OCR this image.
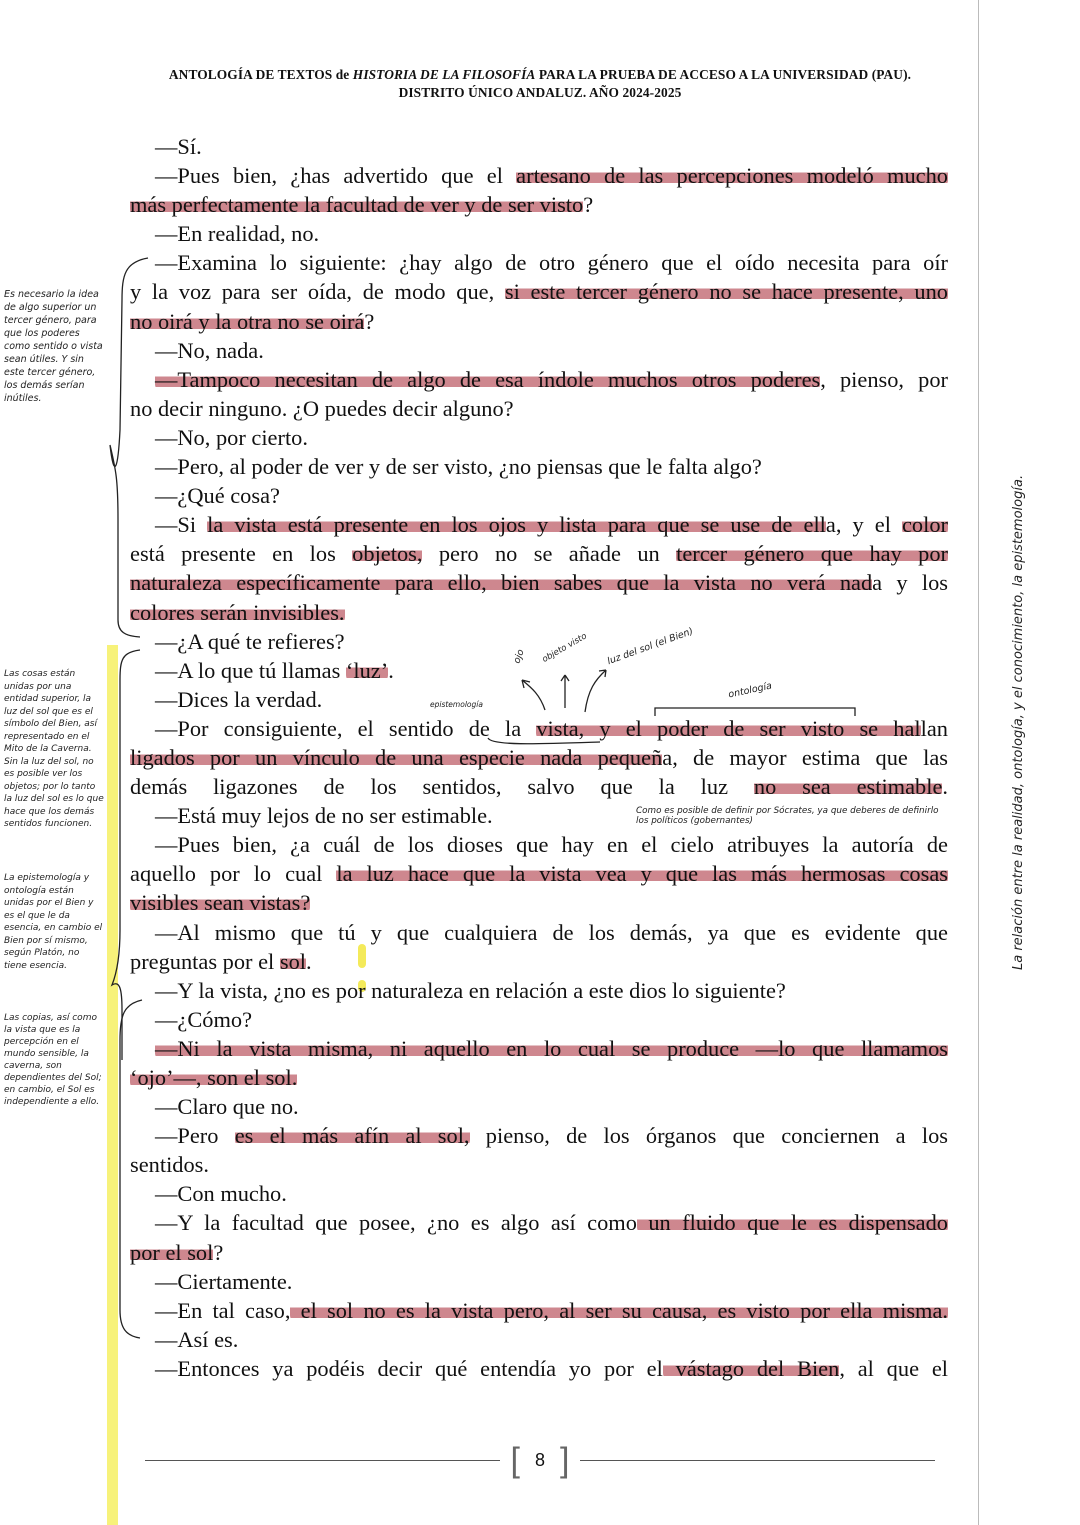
ANTOLOGÍA DE TEXTOS de HISTORIA DE LA FILOSOFÍA PARA LA PRUEBA DE ACCESO A LA UNIVERSIDAD (PAU).
DISTRITO ÚNICO ANDALUZ. AÑO 2024-2025
—Sí.
—Pues bien, ¿has advertido que el artesano de las percepciones modeló mucho
más perfectamente la facultad de ver y de ser visto?
—En realidad, no.
—Examina lo siguiente: ¿hay algo de otro género que el oído necesita para oír
y la voz para ser oída, de modo que, si este tercer género no se hace presente, uno
no oirá y la otra no se oirá?
—No, nada.
—Tampoco necesitan de algo de esa índole muchos otros poderes, pienso, por
no decir ninguno. ¿O puedes decir alguno?
—No, por cierto.
—Pero, al poder de ver y de ser visto, ¿no piensas que le falta algo?
—¿Qué cosa?
—Si la vista está presente en los ojos y lista para que se use de ella, y el color
está presente en los objetos, pero no se añade un tercer género que hay por
naturaleza específicamente para ello, bien sabes que la vista no verá nada y los
colores serán invisibles.
—¿A qué te refieres?
—A lo que tú llamas ‘luz’.
—Dices la verdad.
—Por consiguiente, el sentido de la vista, y el poder de ser visto se hallan
ligados por un vínculo de una especie nada pequeña, de mayor estima que las
demás ligazones de los sentidos, salvo que la luz no sea estimable.
—Está muy lejos de no ser estimable.
—Pues bien, ¿a cuál de los dioses que hay en el cielo atribuyes la autoría de
aquello por lo cual la luz hace que la vista vea y que las más hermosas cosas
visibles sean vistas?
—Al mismo que tú y que cualquiera de los demás, ya que es evidente que
preguntas por el sol.
—Y la vista, ¿no es por naturaleza en relación a este dios lo siguiente?
—¿Cómo?
—Ni la vista misma, ni aquello en lo cual se produce —lo que llamamos
‘ojo’—, son el sol.
—Claro que no.
—Pero es el más afín al sol, pienso, de los órganos que conciernen a los
sentidos.
—Con mucho.
—Y la facultad que posee, ¿no es algo así como un fluido que le es dispensado
por el sol?
—Ciertamente.
—En tal caso, el sol no es la vista pero, al ser su causa, es visto por ella misma.
—Así es.
—Entonces ya podéis decir qué entendía yo por el vástago del Bien, al que el
Es necesario la idea de algo superior un tercer género, para que los poderes como sentido o vista sean útiles. Y sin este tercer género, los demás serían inútiles.
Las cosas están unidas por una entidad superior, la luz del sol que es el símbolo del Bien, así representado en el Mito de la Caverna. Sin la luz del sol, no es posible ver los objetos; por lo tanto la luz del sol es lo que hace que los demás sentidos funcionen.
La epistemología y ontología están unidas por el Bien y es el que le da esencia, en cambio el Bien por sí mismo, según Platón, no tiene esencia.
Las copias, así como la vista que es la percepción en el mundo sensible, la caverna, son dependientes del Sol; en cambio, el Sol es independiente a ello.
ojo objeto visto luz del sol (el Bien)
ontología
epistemología
Como es posible de definir por Sócrates, ya que deberes de definirlo los políticos (gobernantes)	La relación entre la realidad, ontología, y el conocimiento, la epistemología.
[ 8 ]
